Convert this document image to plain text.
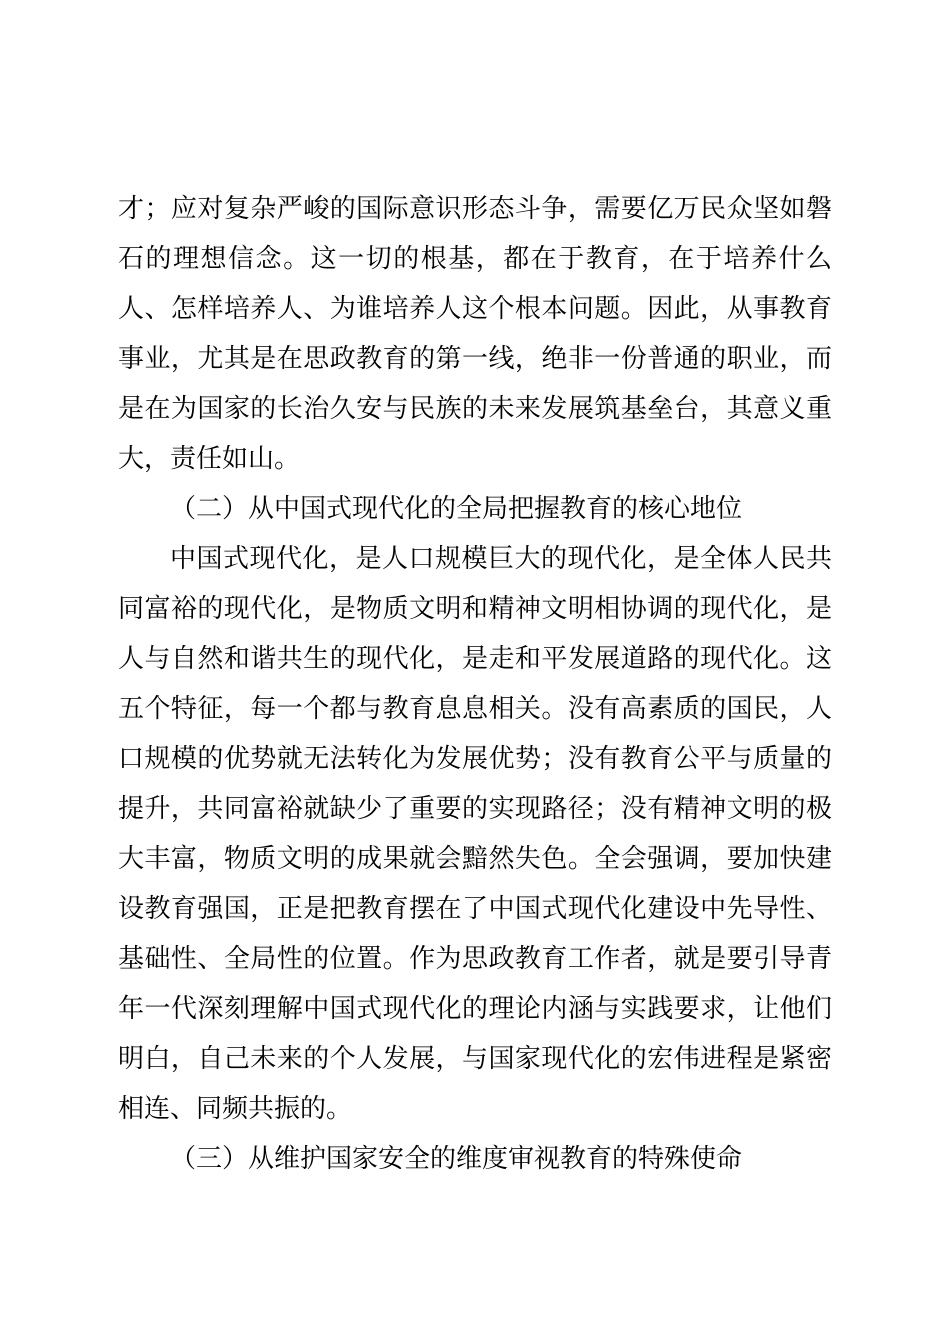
才；应对复杂严峻的国际意识形态斗争，需要亿万民众坚如磐
石的理想信念。这一切的根基，都在于教育，在于培养什么
人、怎样培养人、为谁培养人这个根本问题。因此，从事教育
事业，尤其是在思政教育的第一线，绝非一份普通的职业，而
是在为国家的长治久安与民族的未来发展筑基垒台，其意义重
大，责任如山。
（二）从中国式现代化的全局把握教育的核心地位
中国式现代化，是人口规模巨大的现代化，是全体人民共
同富裕的现代化，是物质文明和精神文明相协调的现代化，是
人与自然和谐共生的现代化，是走和平发展道路的现代化。这
五个特征，每一个都与教育息息相关。没有高素质的国民，人
口规模的优势就无法转化为发展优势；没有教育公平与质量的
提升，共同富裕就缺少了重要的实现路径；没有精神文明的极
大丰富，物质文明的成果就会黯然失色。全会强调，要加快建
设教育强国，正是把教育摆在了中国式现代化建设中先导性、
基础性、全局性的位置。作为思政教育工作者，就是要引导青
年一代深刻理解中国式现代化的理论内涵与实践要求，让他们
明白，自己未来的个人发展，与国家现代化的宏伟进程是紧密
相连、同频共振的。
（三）从维护国家安全的维度审视教育的特殊使命
